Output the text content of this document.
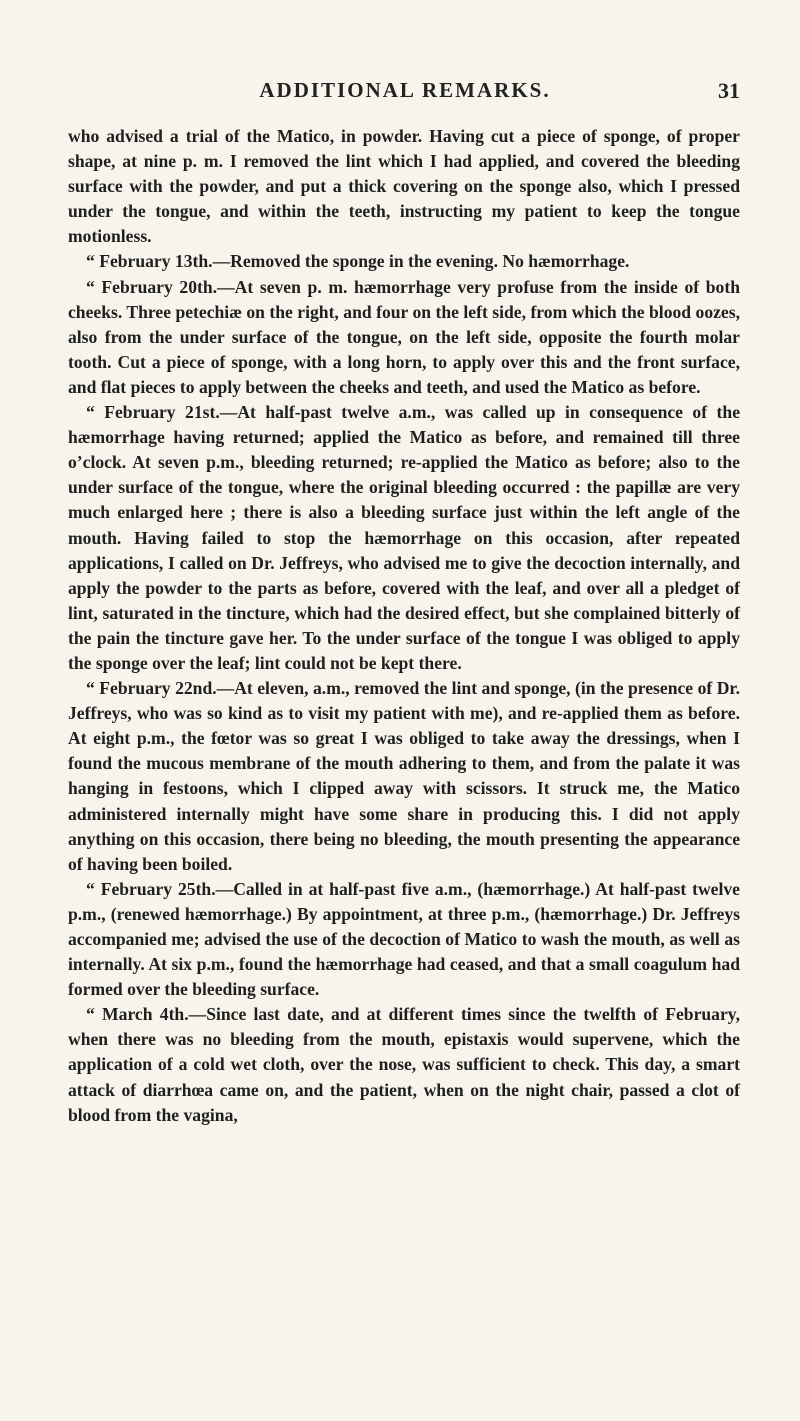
ADDITIONAL REMARKS.	31

who advised a trial of the Matico, in powder. Having cut a piece of sponge, of proper shape, at nine p. m. I removed the lint which I had applied, and covered the bleeding surface with the powder, and put a thick covering on the sponge also, which I pressed under the tongue, and within the teeth, instructing my patient to keep the tongue motionless.

“ February 13th.—Removed the sponge in the evening. No hæmorrhage.

“ February 20th.—At seven p. m. hæmorrhage very profuse from the inside of both cheeks. Three petechiæ on the right, and four on the left side, from which the blood oozes, also from the under surface of the tongue, on the left side, opposite the fourth molar tooth. Cut a piece of sponge, with a long horn, to apply over this and the front surface, and flat pieces to apply between the cheeks and teeth, and used the Matico as before.

“ February 21st.—At half-past twelve a.m., was called up in consequence of the hæmorrhage having returned; applied the Matico as before, and remained till three o’clock. At seven p.m., bleeding returned; re-applied the Matico as before; also to the under surface of the tongue, where the original bleeding occurred : the papillæ are very much enlarged here ; there is also a bleeding surface just within the left angle of the mouth. Having failed to stop the hæmorrhage on this occasion, after repeated applications, I called on Dr. Jeffreys, who advised me to give the decoction internally, and apply the powder to the parts as before, covered with the leaf, and over all a pledget of lint, saturated in the tincture, which had the desired effect, but she complained bitterly of the pain the tincture gave her. To the under surface of the tongue I was obliged to apply the sponge over the leaf; lint could not be kept there.

“ February 22nd.—At eleven, a.m., removed the lint and sponge, (in the presence of Dr. Jeffreys, who was so kind as to visit my patient with me), and re-applied them as before. At eight p.m., the fœtor was so great I was obliged to take away the dressings, when I found the mucous membrane of the mouth adhering to them, and from the palate it was hanging in festoons, which I clipped away with scissors. It struck me, the Matico administered internally might have some share in producing this. I did not apply anything on this occasion, there being no bleeding, the mouth presenting the appearance of having been boiled.

“ February 25th.—Called in at half-past five a.m., (hæmorrhage.) At half-past twelve p.m., (renewed hæmorrhage.) By appointment, at three p.m., (hæmorrhage.) Dr. Jeffreys accompanied me; advised the use of the decoction of Matico to wash the mouth, as well as internally. At six p.m., found the hæmorrhage had ceased, and that a small coagulum had formed over the bleeding surface.

“ March 4th.—Since last date, and at different times since the twelfth of February, when there was no bleeding from the mouth, epistaxis would supervene, which the application of a cold wet cloth, over the nose, was sufficient to check. This day, a smart attack of diarrhœa came on, and the patient, when on the night chair, passed a clot of blood from the vagina,
